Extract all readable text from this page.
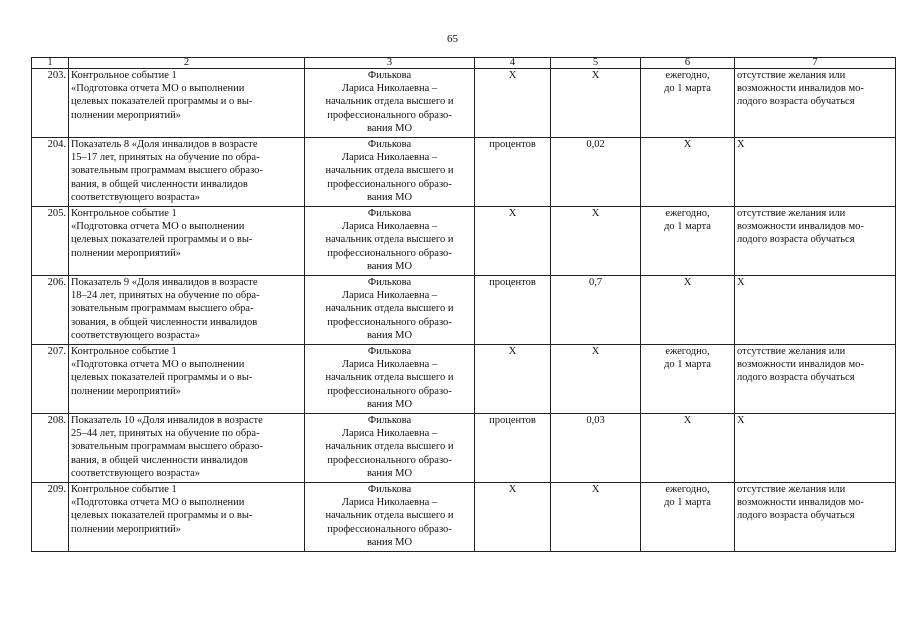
65
1	2	3	4	5	6	7
203.	Контрольное событие 1
«Подготовка отчета МО о выполнении
целевых показателей программы и о вы-
полнении мероприятий»	Филькова
Лариса Николаевна –
начальник отдела высшего и
профессионального образо-
вания МО	Х	Х	ежегодно,
до 1 марта	отсутствие желания или
возможности инвалидов мо-
лодого возраста обучаться

204.	Показатель 8 «Доля инвалидов в возрасте
15–17 лет, принятых на обучение по обра-
зовательным программам высшего образо-
вания, в общей численности инвалидов
соответствующего возраста»	Филькова
Лариса Николаевна –
начальник отдела высшего и
профессионального образо-
вания МО	процентов	0,02	Х	Х

205.	Контрольное событие 1
«Подготовка отчета МО о выполнении
целевых показателей программы и о вы-
полнении мероприятий»	Филькова
Лариса Николаевна –
начальник отдела высшего и
профессионального образо-
вания МО	Х	Х	ежегодно,
до 1 марта	отсутствие желания или
возможности инвалидов мо-
лодого возраста обучаться

206.	Показатель 9 «Доля инвалидов в возрасте
18–24 лет, принятых на обучение по обра-
зовательным программам высшего обра-
зования, в общей численности инвалидов
соответствующего возраста»	Филькова
Лариса Николаевна –
начальник отдела высшего и
профессионального образо-
вания МО	процентов	0,7	Х	Х

207.	Контрольное событие 1
«Подготовка отчета МО о выполнении
целевых показателей программы и о вы-
полнении мероприятий»	Филькова
Лариса Николаевна –
начальник отдела высшего и
профессионального образо-
вания МО	Х	Х	ежегодно,
до 1 марта	отсутствие желания или
возможности инвалидов мо-
лодого возраста обучаться

208.	Показатель 10 «Доля инвалидов в возрасте
25–44 лет, принятых на обучение по обра-
зовательным программам высшего образо-
вания, в общей численности инвалидов
соответствующего возраста»	Филькова
Лариса Николаевна –
начальник отдела высшего и
профессионального образо-
вания МО	процентов	0,03	Х	Х

209.	Контрольное событие 1
«Подготовка отчета МО о выполнении
целевых показателей программы и о вы-
полнении мероприятий»	Филькова
Лариса Николаевна –
начальник отдела высшего и
профессионального образо-
вания МО	Х	Х	ежегодно,
до 1 марта	отсутствие желания или
возможности инвалидов мо-
лодого возраста обучаться
